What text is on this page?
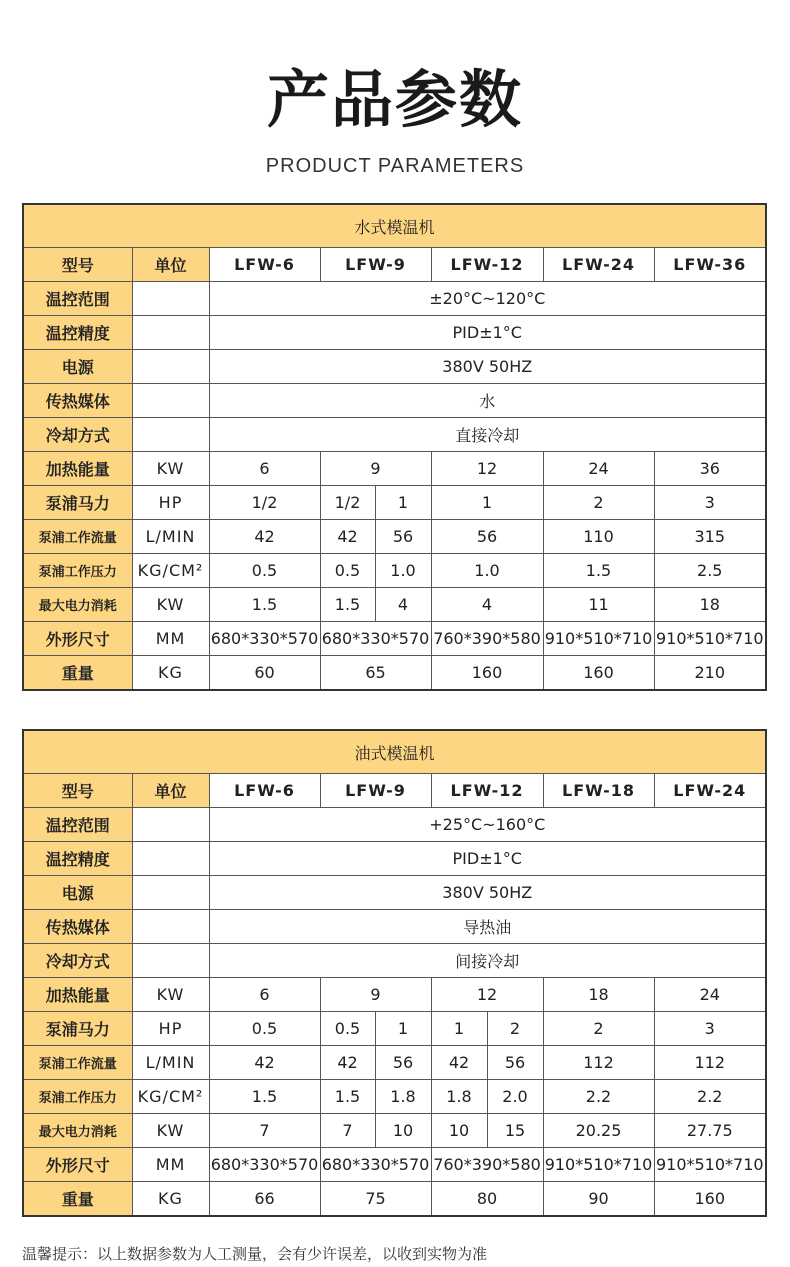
产品参数
PRODUCT PARAMETERS
水式模温机							
型号	单位	LFW-6	LFW-9		LFW-12	LFW-24	LFW-36
温控范围		±20°C~120°C					
温控精度		PID±1°C					
电源		380V 50HZ					
传热媒体		水					
冷却方式		直接冷却					
加热能量	KW	6	9		12	24	36
泵浦马力	HP	1/2	1/2	1	1	2	3
泵浦工作流量	L/MIN	42	42	56	56	110	315
泵浦工作压力	KG/CM²	0.5	0.5	1.0	1.0	1.5	2.5
最大电力消耗	KW	1.5	1.5	4	4	11	18
外形尺寸	MM	680*330*570	680*330*570		760*390*580	910*510*710	910*510*710
重量	KG	60	65		160	160	210
油式模温机								
型号	单位	LFW-6	LFW-9		LFW-12		LFW-18	LFW-24
温控范围		+25°C~160°C						
温控精度		PID±1°C						
电源		380V 50HZ						
传热媒体		导热油						
冷却方式		间接冷却						
加热能量	KW	6	9		12		18	24
泵浦马力	HP	0.5	0.5	1	1	2	2	3
泵浦工作流量	L/MIN	42	42	56	42	56	112	112
泵浦工作压力	KG/CM²	1.5	1.5	1.8	1.8	2.0	2.2	2.2
最大电力消耗	KW	7	7	10	10	15	20.25	27.75
外形尺寸	MM	680*330*570	680*330*570		760*390*580		910*510*710	910*510*710
重量	KG	66	75		80		90	160
温馨提示：以上数据参数为人工测量，会有少许误差，以收到实物为准
